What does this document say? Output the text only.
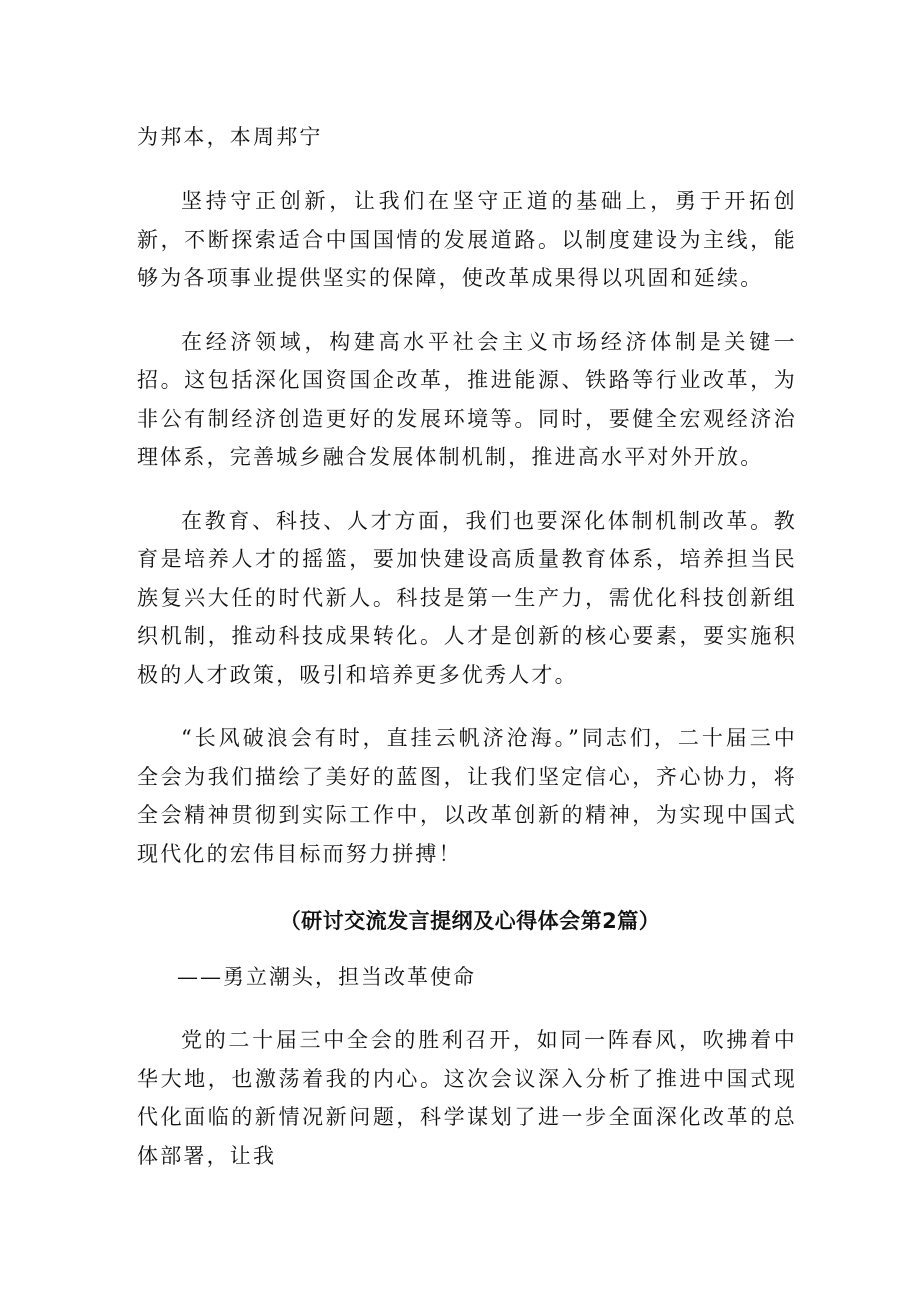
为邦本，本周邦宁

坚持守正创新，让我们在坚守正道的基础上，勇于开拓创新，不断探索适合中国国情的发展道路。以制度建设为主线，能够为各项事业提供坚实的保障，使改革成果得以巩固和延续。

在经济领域，构建高水平社会主义市场经济体制是关键一招。这包括深化国资国企改革，推进能源、铁路等行业改革，为非公有制经济创造更好的发展环境等。同时，要健全宏观经济治理体系，完善城乡融合发展体制机制，推进高水平对外开放。

在教育、科技、人才方面，我们也要深化体制机制改革。教育是培养人才的摇篮，要加快建设高质量教育体系，培养担当民族复兴大任的时代新人。科技是第一生产力，需优化科技创新组织机制，推动科技成果转化。人才是创新的核心要素，要实施积极的人才政策，吸引和培养更多优秀人才。

“长风破浪会有时，直挂云帆济沧海。”同志们，二十届三中全会为我们描绘了美好的蓝图，让我们坚定信心，齐心协力，将全会精神贯彻到实际工作中，以改革创新的精神，为实现中国式现代化的宏伟目标而努力拼搏！

（研讨交流发言提纲及心得体会第2篇）

——勇立潮头，担当改革使命

党的二十届三中全会的胜利召开，如同一阵春风，吹拂着中华大地，也激荡着我的内心。这次会议深入分析了推进中国式现代化面临的新情况新问题，科学谋划了进一步全面深化改革的总体部署，让我
